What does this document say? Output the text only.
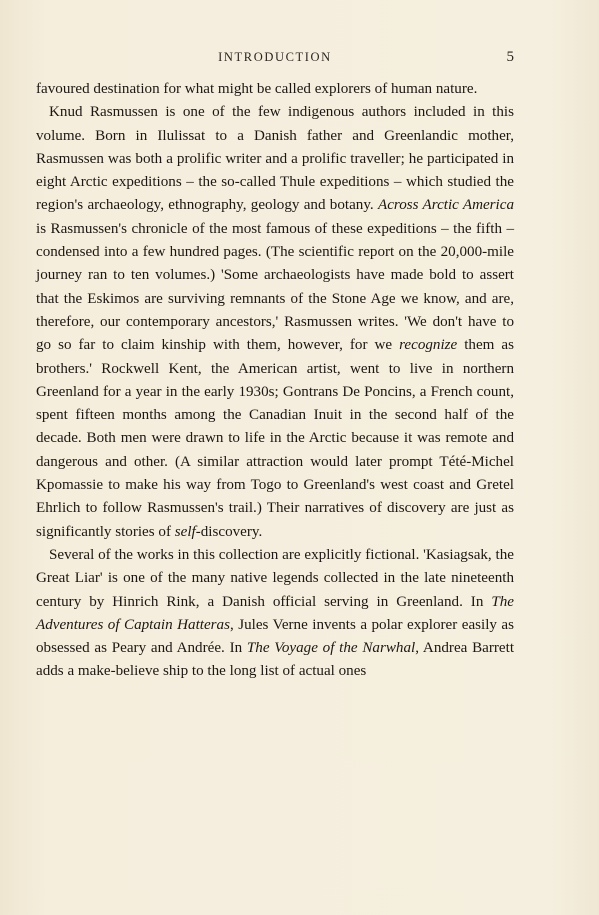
INTRODUCTION	5

favoured destination for what might be called explorers of human nature.

Knud Rasmussen is one of the few indigenous authors included in this volume. Born in Ilulissat to a Danish father and Greenlandic mother, Rasmussen was both a prolific writer and a prolific traveller; he participated in eight Arctic expeditions – the so-called Thule expeditions – which studied the region's archaeology, ethnography, geology and botany. Across Arctic America is Rasmussen's chronicle of the most famous of these expeditions – the fifth – condensed into a few hundred pages. (The scientific report on the 20,000-mile journey ran to ten volumes.) 'Some archaeologists have made bold to assert that the Eskimos are surviving remnants of the Stone Age we know, and are, therefore, our contemporary ancestors,' Rasmussen writes. 'We don't have to go so far to claim kinship with them, however, for we recognize them as brothers.' Rockwell Kent, the American artist, went to live in northern Greenland for a year in the early 1930s; Gontrans De Poncins, a French count, spent fifteen months among the Canadian Inuit in the second half of the decade. Both men were drawn to life in the Arctic because it was remote and dangerous and other. (A similar attraction would later prompt Tété-Michel Kpomassie to make his way from Togo to Greenland's west coast and Gretel Ehrlich to follow Rasmussen's trail.) Their narratives of discovery are just as significantly stories of self-discovery.

Several of the works in this collection are explicitly fictional. 'Kasiagsak, the Great Liar' is one of the many native legends collected in the late nineteenth century by Hinrich Rink, a Danish official serving in Greenland. In The Adventures of Captain Hatteras, Jules Verne invents a polar explorer easily as obsessed as Peary and Andrée. In The Voyage of the Narwhal, Andrea Barrett adds a make-believe ship to the long list of actual ones
